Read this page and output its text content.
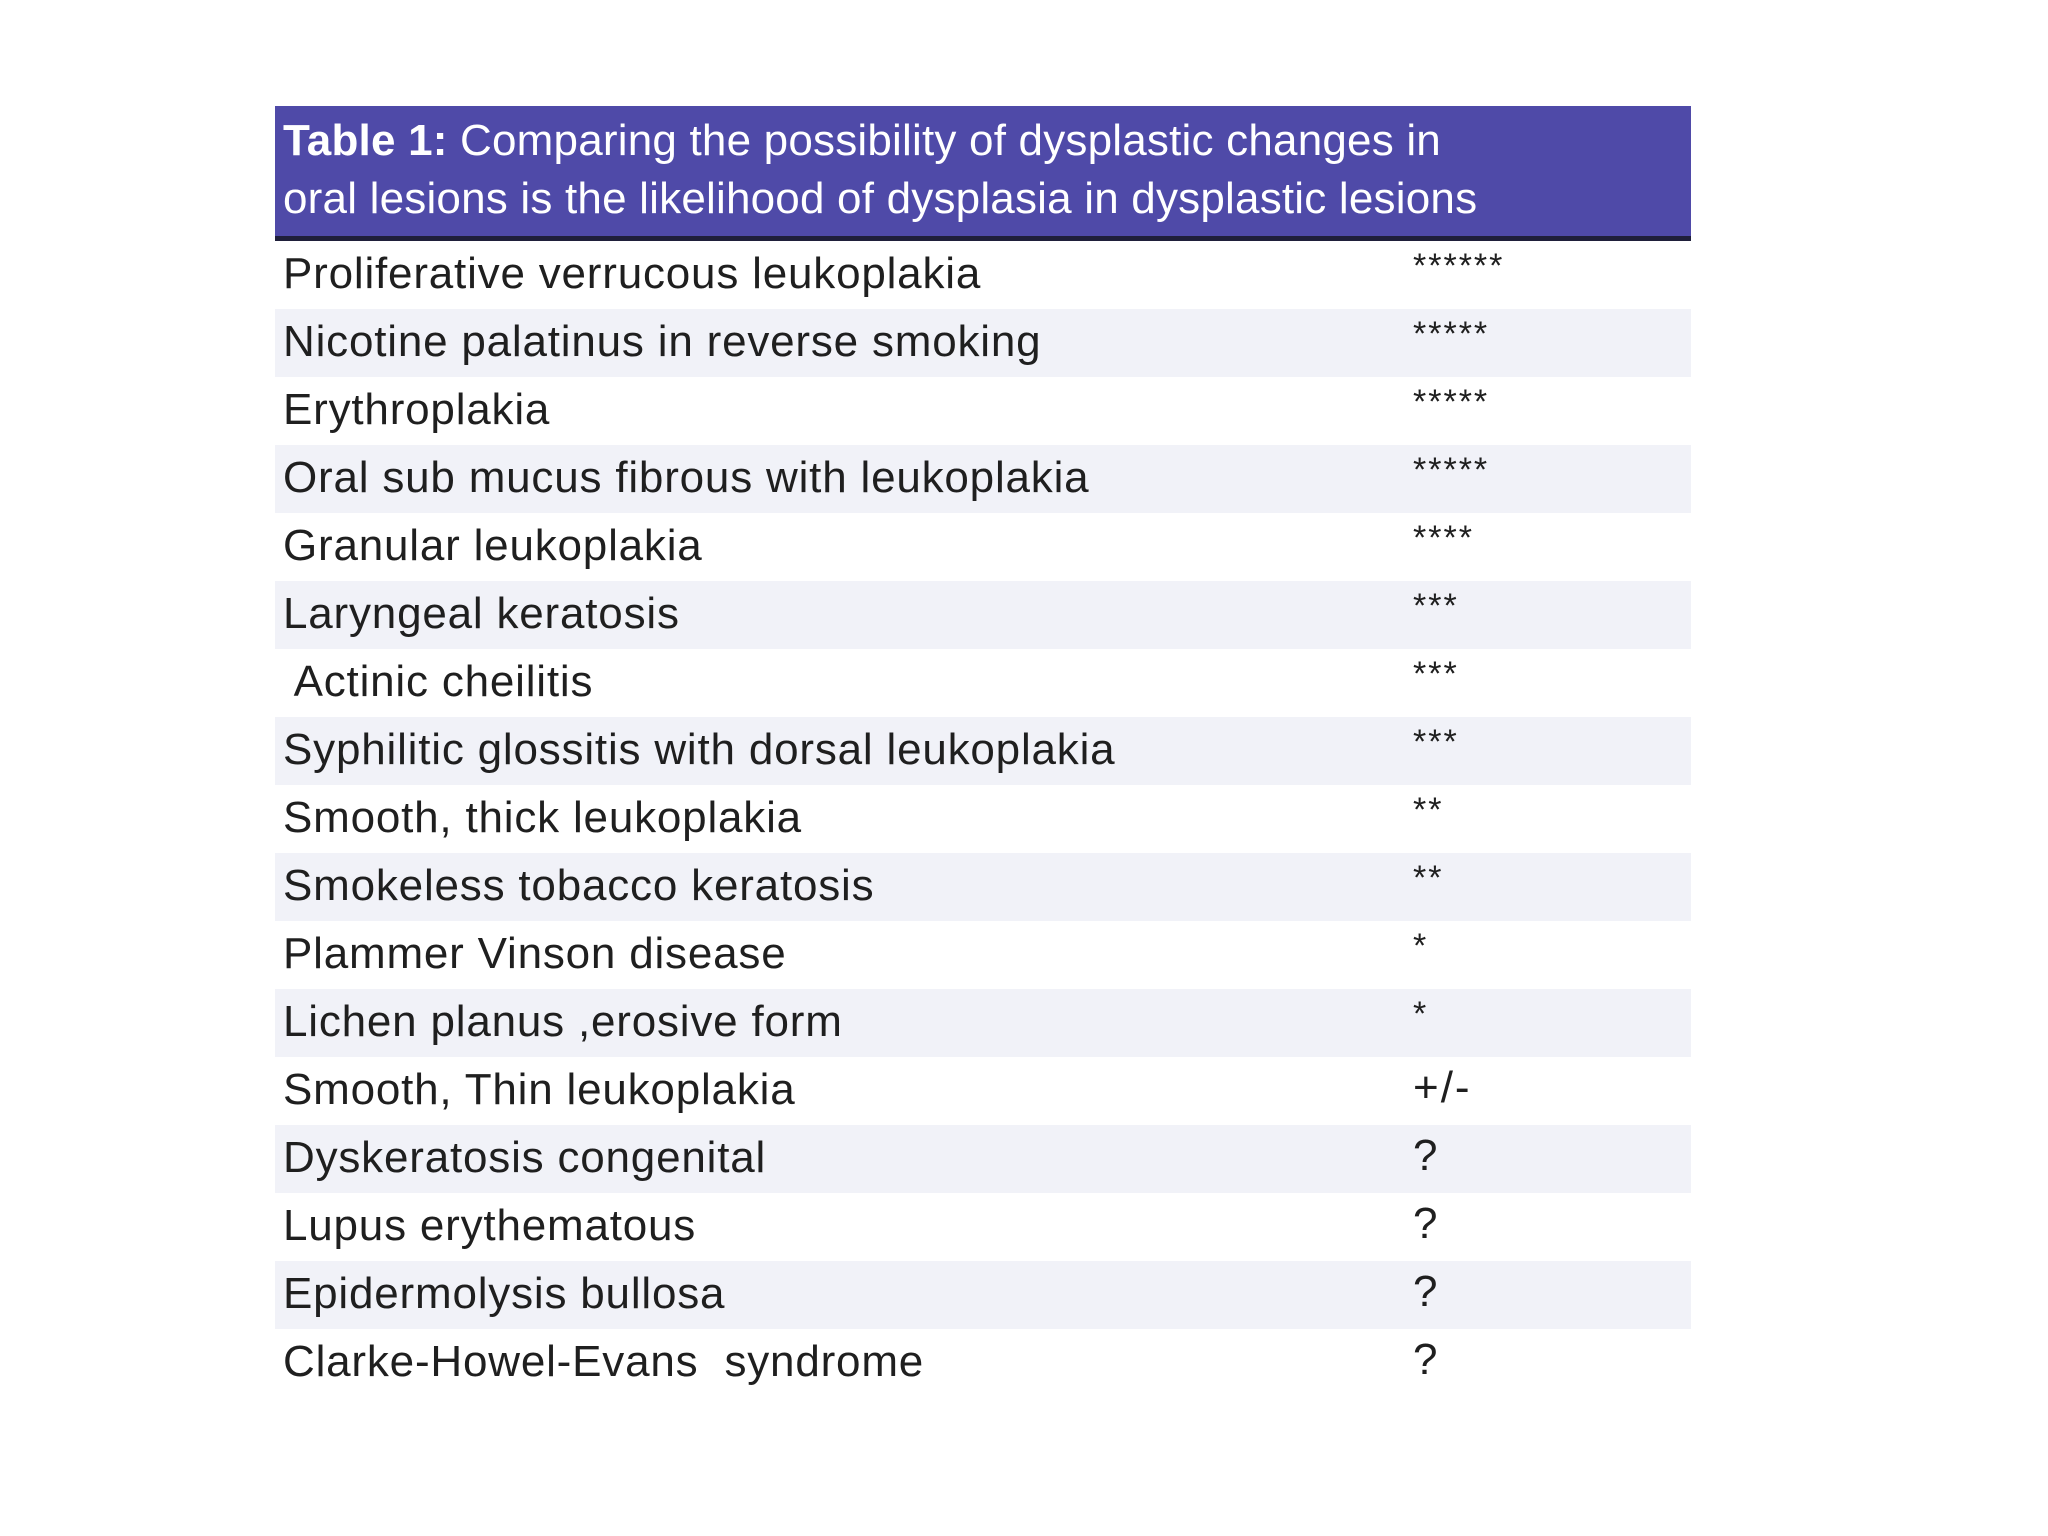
Table 1: Comparing the possibility of dysplastic changes in
oral lesions is the likelihood of dysplasia in dysplastic lesions
Proliferative verrucous leukoplakia	******
Nicotine palatinus in reverse smoking	*****
Erythroplakia	*****
Oral sub mucus fibrous with leukoplakia	*****
Granular leukoplakia	****
Laryngeal keratosis	***
Actinic cheilitis	***
Syphilitic glossitis with dorsal leukoplakia	***
Smooth, thick leukoplakia	**
Smokeless tobacco keratosis	**
Plammer Vinson disease	*
Lichen planus ,erosive form	*
Smooth, Thin leukoplakia	+/-
Dyskeratosis congenital	?
Lupus erythematous	?
Epidermolysis bullosa	?
Clarke-Howel-Evans  syndrome	?
